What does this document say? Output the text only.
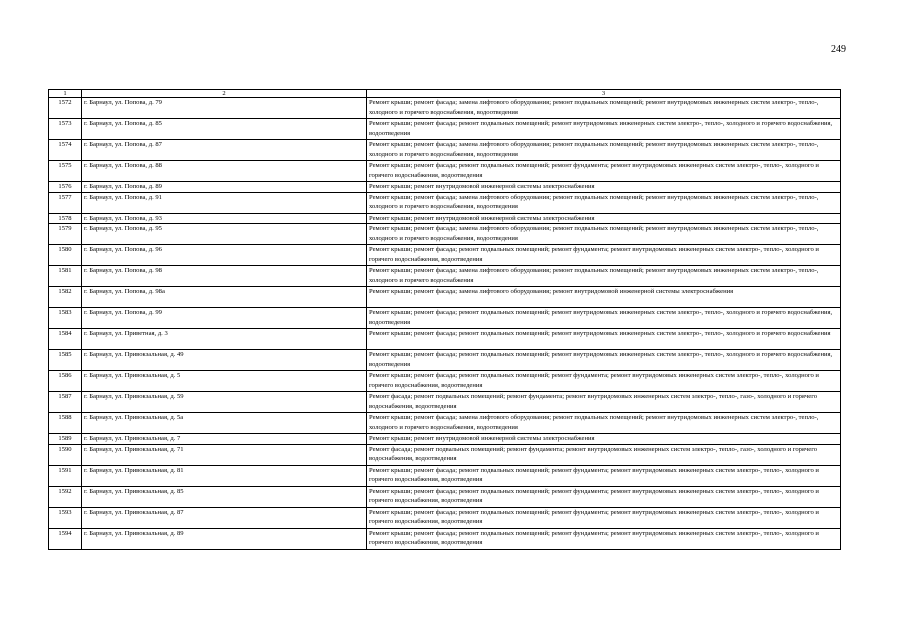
249
1	2	3
1572	г. Барнаул, ул. Попова, д. 79	Ремонт крыши; ремонт фасада; замена лифтового оборудования; ремонт подвальных помещений; ремонт внутридомовых инженерных систем электро-, тепло-, холодного и горячего водоснабжения, водоотведения
1573	г. Барнаул, ул. Попова, д. 85	Ремонт крыши; ремонт фасада; ремонт подвальных помещений; ремонт внутридомовых инженерных систем электро-, тепло-, холодного и горячего водоснабжения, водоотведения
1574	г. Барнаул, ул. Попова, д. 87	Ремонт крыши; ремонт фасада; замена лифтового оборудования; ремонт подвальных помещений; ремонт внутридомовых инженерных систем электро-, тепло-, холодного и горячего водоснабжения, водоотведения
1575	г. Барнаул, ул. Попова, д. 88	Ремонт крыши; ремонт фасада; ремонт подвальных помещений; ремонт фундамента; ремонт внутридомовых инженерных систем электро-, тепло-, холодного и горячего водоснабжения, водоотведения
1576	г. Барнаул, ул. Попова, д. 89	Ремонт крыши; ремонт внутридомовой инженерной системы электроснабжения
1577	г. Барнаул, ул. Попова, д. 91	Ремонт крыши; ремонт фасада; замена лифтового оборудования; ремонт подвальных помещений; ремонт внутридомовых инженерных систем электро-, тепло-, холодного и горячего водоснабжения, водоотведения
1578	г. Барнаул, ул. Попова, д. 93	Ремонт крыши; ремонт внутридомовой инженерной системы электроснабжения
1579	г. Барнаул, ул. Попова, д. 95	Ремонт крыши; ремонт фасада; замена лифтового оборудования; ремонт подвальных помещений; ремонт внутридомовых инженерных систем электро-, тепло-, холодного и горячего водоснабжения, водоотведения
1580	г. Барнаул, ул. Попова, д. 96	Ремонт крыши; ремонт фасада; ремонт подвальных помещений; ремонт фундамента; ремонт внутридомовых инженерных систем электро-, тепло-, холодного и горячего водоснабжения, водоотведения
1581	г. Барнаул, ул. Попова, д. 98	Ремонт крыши; ремонт фасада; замена лифтового оборудования; ремонт подвальных помещений; ремонт внутридомовых инженерных систем электро-, тепло-, холодного и горячего водоснабжения
1582	г. Барнаул, ул. Попова, д. 98а	Ремонт крыши; ремонт фасада; замена лифтового оборудования; ремонт внутридомовой инженерной системы электроснабжения
1583	г. Барнаул, ул. Попова, д. 99	Ремонт крыши; ремонт фасада; ремонт подвальных помещений; ремонт внутридомовых инженерных систем электро-, тепло-, холодного и горячего водоснабжения, водоотведения
1584	г. Барнаул, ул. Приветная, д. 3	Ремонт крыши; ремонт фасада; ремонт подвальных помещений; ремонт внутридомовых инженерных систем электро-, тепло-, холодного и горячего водоснабжения
1585	г. Барнаул, ул. Привокзальная, д. 49	Ремонт крыши; ремонт фасада; ремонт подвальных помещений; ремонт внутридомовых инженерных систем электро-, тепло-, холодного и горячего водоснабжения, водоотведения
1586	г. Барнаул, ул. Привокзальная, д. 5	Ремонт крыши; ремонт фасада; ремонт подвальных помещений; ремонт фундамента; ремонт внутридомовых инженерных систем электро-, тепло-, холодного и горячего водоснабжения, водоотведения
1587	г. Барнаул, ул. Привокзальная, д. 59	Ремонт фасада; ремонт подвальных помещений; ремонт фундамента; ремонт внутридомовых инженерных систем электро-, тепло-, газо-, холодного и горячего водоснабжения, водоотведения
1588	г. Барнаул, ул. Привокзальная, д. 5а	Ремонт крыши; ремонт фасада; замена лифтового оборудования; ремонт подвальных помещений; ремонт внутридомовых инженерных систем электро-, тепло-, холодного и горячего водоснабжения, водоотведения
1589	г. Барнаул, ул. Привокзальная, д. 7	Ремонт крыши; ремонт внутридомовой инженерной системы электроснабжения
1590	г. Барнаул, ул. Привокзальная, д. 71	Ремонт фасада; ремонт подвальных помещений; ремонт фундамента; ремонт внутридомовых инженерных систем электро-, тепло-, газо-, холодного и горячего водоснабжения, водоотведения
1591	г. Барнаул, ул. Привокзальная, д. 81	Ремонт крыши; ремонт фасада; ремонт подвальных помещений; ремонт фундамента; ремонт внутридомовых инженерных систем электро-, тепло-, холодного и горячего водоснабжения, водоотведения
1592	г. Барнаул, ул. Привокзальная, д. 85	Ремонт крыши; ремонт фасада; ремонт подвальных помещений; ремонт фундамента; ремонт внутридомовых инженерных систем электро-, тепло-, холодного и горячего водоснабжения, водоотведения
1593	г. Барнаул, ул. Привокзальная, д. 87	Ремонт крыши; ремонт фасада; ремонт подвальных помещений; ремонт фундамента; ремонт внутридомовых инженерных систем электро-, тепло-, холодного и горячего водоснабжения, водоотведения
1594	г. Барнаул, ул. Привокзальная, д. 89	Ремонт крыши; ремонт фасада; ремонт подвальных помещений; ремонт фундамента; ремонт внутридомовых инженерных систем электро-, тепло-, холодного и горячего водоснабжения, водоотведения
